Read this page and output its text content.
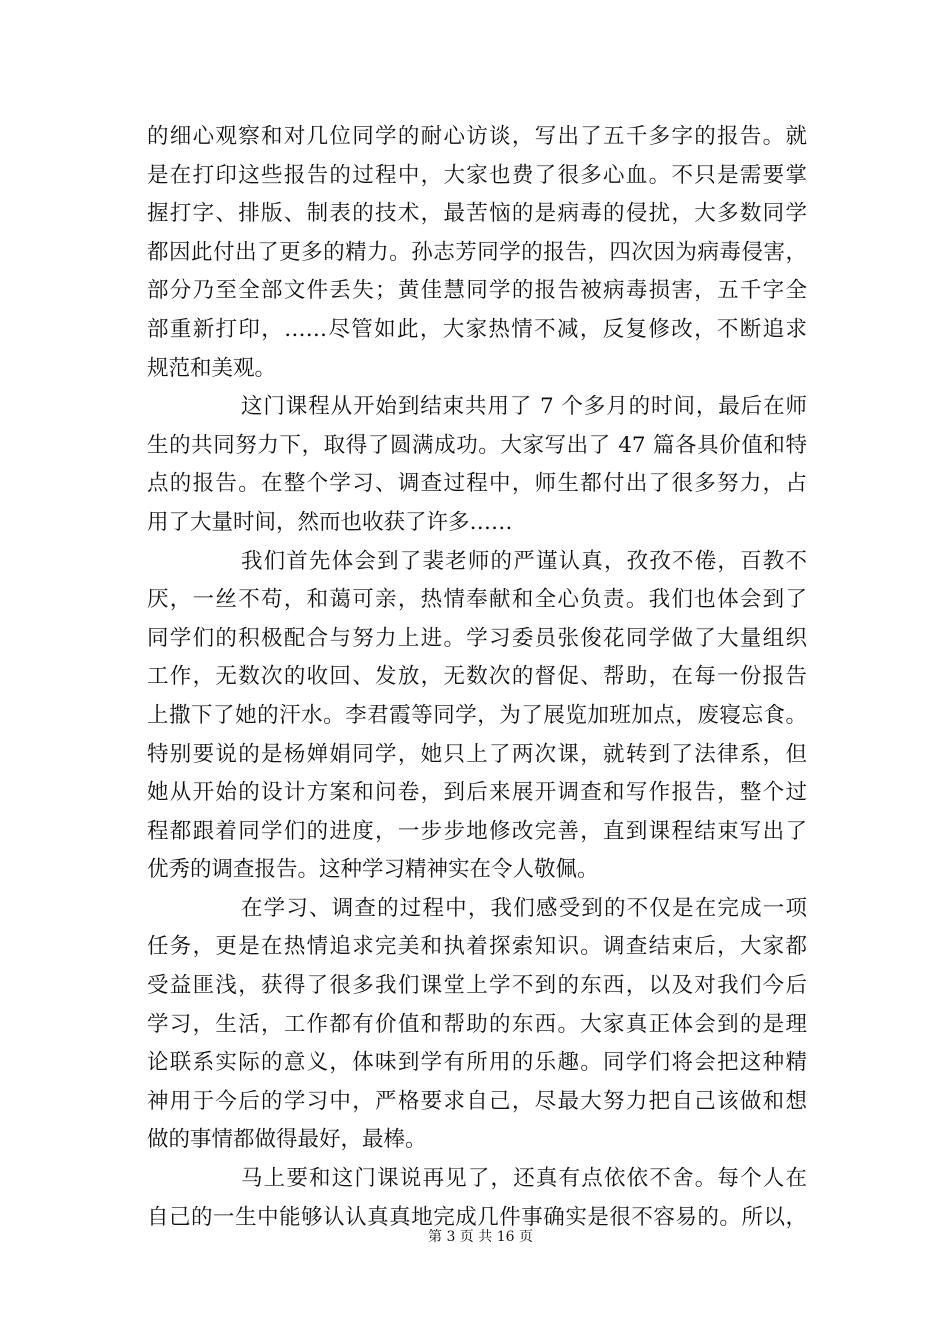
的细心观察和对几位同学的耐心访谈，写出了五千多字的报告。就
是在打印这些报告的过程中，大家也费了很多心血。不只是需要掌
握打字、排版、制表的技术，最苦恼的是病毒的侵扰，大多数同学
都因此付出了更多的精力。孙志芳同学的报告，四次因为病毒侵害，
部分乃至全部文件丢失；黄佳慧同学的报告被病毒损害，五千字全
部重新打印，……尽管如此，大家热情不减，反复修改，不断追求
规范和美观。
这门课程从开始到结束共用了 7 个多月的时间，最后在师
生的共同努力下，取得了圆满成功。大家写出了 47 篇各具价值和特
点的报告。在整个学习、调查过程中，师生都付出了很多努力，占
用了大量时间，然而也收获了许多……
我们首先体会到了裴老师的严谨认真，孜孜不倦，百教不
厌，一丝不苟，和蔼可亲，热情奉献和全心负责。我们也体会到了
同学们的积极配合与努力上进。学习委员张俊花同学做了大量组织
工作，无数次的收回、发放，无数次的督促、帮助，在每一份报告
上撒下了她的汗水。李君霞等同学，为了展览加班加点，废寝忘食。
特别要说的是杨婵娟同学，她只上了两次课，就转到了法律系，但
她从开始的设计方案和问卷，到后来展开调查和写作报告，整个过
程都跟着同学们的进度，一步步地修改完善，直到课程结束写出了
优秀的调查报告。这种学习精神实在令人敬佩。
在学习、调查的过程中，我们感受到的不仅是在完成一项
任务，更是在热情追求完美和执着探索知识。调查结束后，大家都
受益匪浅，获得了很多我们课堂上学不到的东西，以及对我们今后
学习，生活，工作都有价值和帮助的东西。大家真正体会到的是理
论联系实际的意义，体味到学有所用的乐趣。同学们将会把这种精
神用于今后的学习中，严格要求自己，尽最大努力把自己该做和想
做的事情都做得最好，最棒。
马上要和这门课说再见了，还真有点依依不舍。每个人在
自己的一生中能够认认真真地完成几件事确实是很不容易的。所以，
第 3 页 共 16 页
